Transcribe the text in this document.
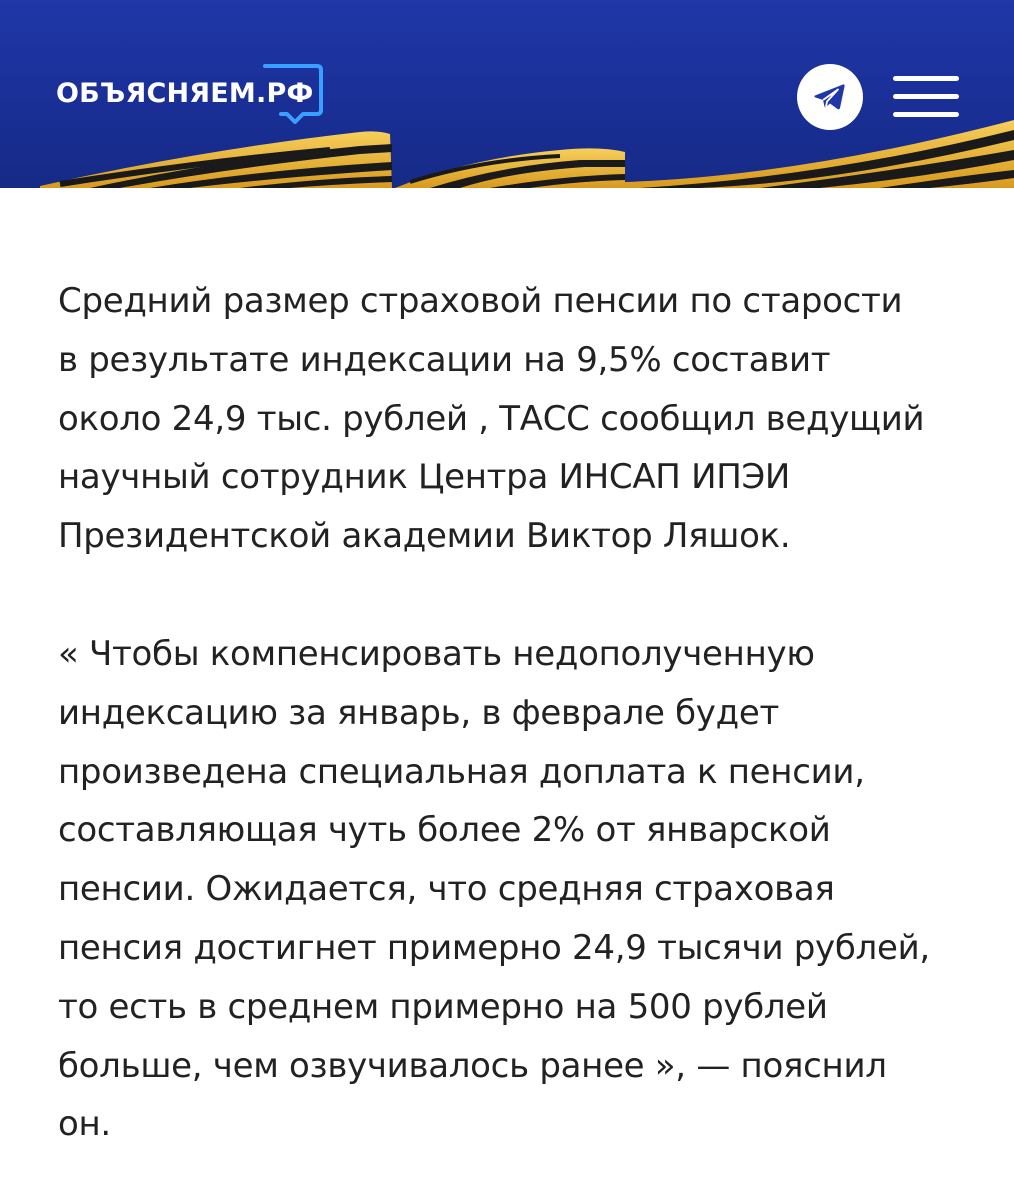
ОБЪЯСНЯЕМ.РФ

Средний размер страховой пенсии по старости
в результате индексации на 9,5% составит
около 24,9 тыс. рублей , ТАСС сообщил ведущий
научный сотрудник Центра ИНСАП ИПЭИ
Президентской академии Виктор Ляшок.

« Чтобы компенсировать недополученную
индексацию за январь, в феврале будет
произведена специальная доплата к пенсии,
составляющая чуть более 2% от январской
пенсии. Ожидается, что средняя страховая
пенсия достигнет примерно 24,9 тысячи рублей,
то есть в среднем примерно на 500 рублей
больше, чем озвучивалось ранее », — пояснил
он.
